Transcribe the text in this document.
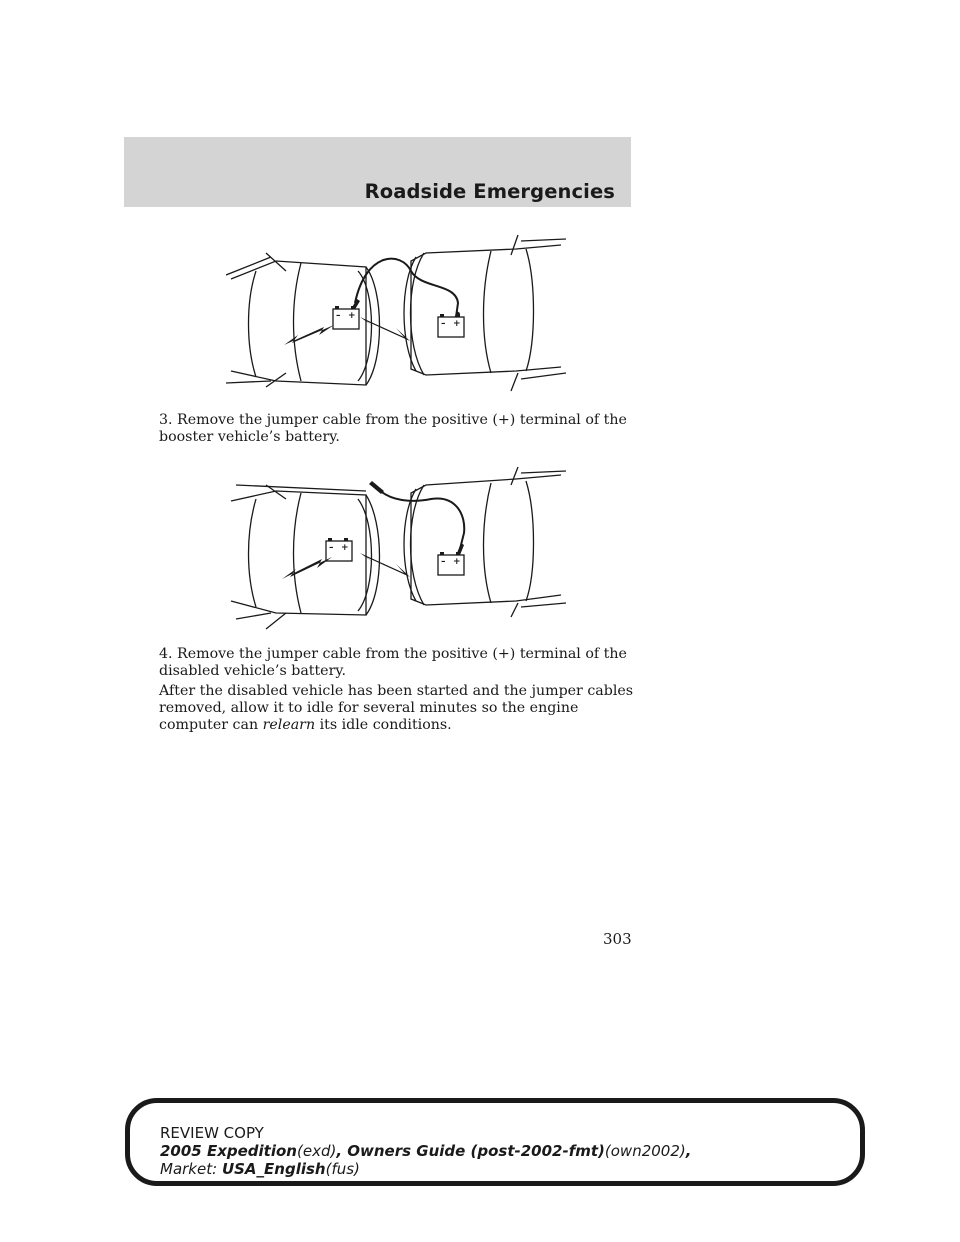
Roadside Emergencies
– +
– +

3. Remove the jumper cable from the positive (+) terminal of the booster vehicle’s battery.

– +
– +

4. Remove the jumper cable from the positive (+) terminal of the disabled vehicle’s battery.

After the disabled vehicle has been started and the jumper cables removed, allow it to idle for several minutes so the engine computer can relearn its idle conditions.

303
REVIEW COPY
2005 Expedition(exd), Owners Guide (post-2002-fmt)(own2002),
Market: USA_English(fus)
